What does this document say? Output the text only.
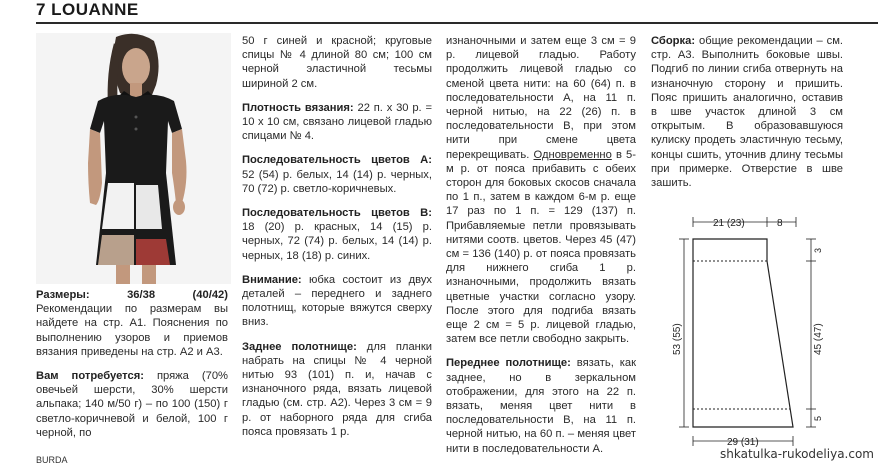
7 LOUANNE

Размеры:	36/38 (40/42) Рекомендации по размерам вы найдете на стр. А1. Пояснения по выполнению узоров и приемов вязания приведены на стр. А2 и А3.

Вам потребуется: пряжа (70% овечьей шерсти, 30% шерсти альпака; 140 м/50 г) – по 100 (150) г светло-коричневой и белой, 100 г черной, по

50 г синей и красной; круговые спицы № 4 длиной 80 см; 100 см черной эластичной тесьмы шириной 2 см.

Плотность вязания: 22 п. х 30 р. = 10 х 10 см, связано лицевой гладью спицами № 4.

Последовательность цветов А: 52 (54) р. белых, 14 (14) р. черных, 70 (72) р. светло-коричневых.

Последовательность цветов В: 18 (20) р. красных, 14 (15) р. черных, 72 (74) р. белых, 14 (14) р. черных, 18 (18) р. синих.

Внимание: юбка состоит из двух деталей – переднего и заднего полотнищ, которые вяжутся сверху вниз.

Заднее полотнище: для планки набрать на спицы № 4 черной нитью 93 (101) п. и, начав с изнаночного ряда, вязать лицевой гладью (см. стр. А2). Через 3 см = 9 р. от наборного ряда для сгиба пояса провязать 1 р.

изнаночными и затем еще 3 см = 9 р. лицевой гладью. Работу продолжить лицевой гладью со сменой цвета нити: на 60 (64) п. в последовательности А, на 11 п. черной нитью, на 22 (26) п. в последовательности В, при этом нити при смене цвета перекрещивать. Одновременно в 5-м р. от пояса прибавить с обеих сторон для боковых скосов сначала по 1 п., затем в каждом 6-м р. еще 17 раз по 1 п. = 129 (137) п. Прибавляемые петли провязывать нитями соотв. цветов. Через 45 (47) см = 136 (140) р. от пояса провязать для нижнего сгиба 1 р. изнаночными, продолжить вязать цветные участки согласно узору. После этого для подгиба вязать еще 2 см = 5 р. лицевой гладью, затем все петли свободно закрыть.

Переднее полотнище: вязать, как заднее, но в зеркальном отображении, для этого на 22 п. вязать, меняя цвет нити в последовательности В, на 11 п. черной нитью, на 60 п. – меняя цвет нити в последовательности А.

Сборка: общие рекомендации – см. стр. А3. Выполнить боковые швы. Подгиб по линии сгиба отвернуть на изнаночную сторону и пришить. Пояс пришить аналогично, оставив в шве участок длиной 3 см открытым. В образовавшуюся кулиску продеть эластичную тесьму, концы сшить, уточнив длину тесьмы при примерке. Отверстие в шве зашить.

21 (23)	8
53 (55)
3
45 (47)
5
29 (31)
BURDA	shkatulka-rukodeliya.com
